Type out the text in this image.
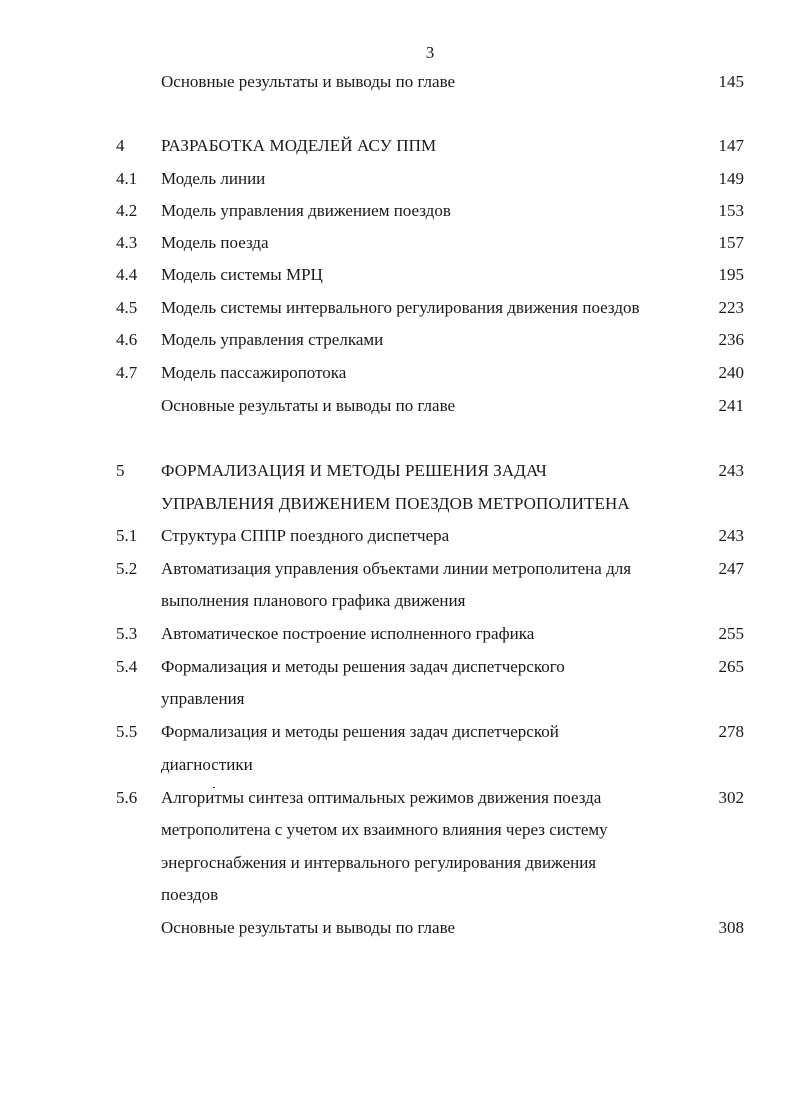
3
Основные результаты и выводы по главе	145
4 РАЗРАБОТКА МОДЕЛЕЙ АСУ ППМ	147
4.1 Модель линии	149
4.2 Модель управления движением поездов	153
4.3 Модель поезда	157
4.4 Модель системы МРЦ	195
4.5 Модель системы интервального регулирования движения поездов	223
4.6 Модель управления стрелками	236
4.7 Модель пассажиропотока	240
Основные результаты и выводы по главе	241
5 ФОРМАЛИЗАЦИЯ И МЕТОДЫ РЕШЕНИЯ ЗАДАЧ	243
УПРАВЛЕНИЯ ДВИЖЕНИЕМ ПОЕЗДОВ МЕТРОПОЛИТЕНА
5.1 Структура СППР поездного диспетчера	243
5.2 Автоматизация управления объектами линии метрополитена для	247
выполнения планового графика движения
5.3 Автоматическое построение исполненного графика	255
5.4 Формализация и методы решения задач диспетчерского	265
управления
5.5 Формализация и методы решения задач диспетчерской	278
диагностики
5.6 Алгоритмы синтеза оптимальных режимов движения поезда	302
метрополитена с учетом их взаимного влияния через систему
энергоснабжения и интервального регулирования движения
поездов
Основные результаты и выводы по главе	308
